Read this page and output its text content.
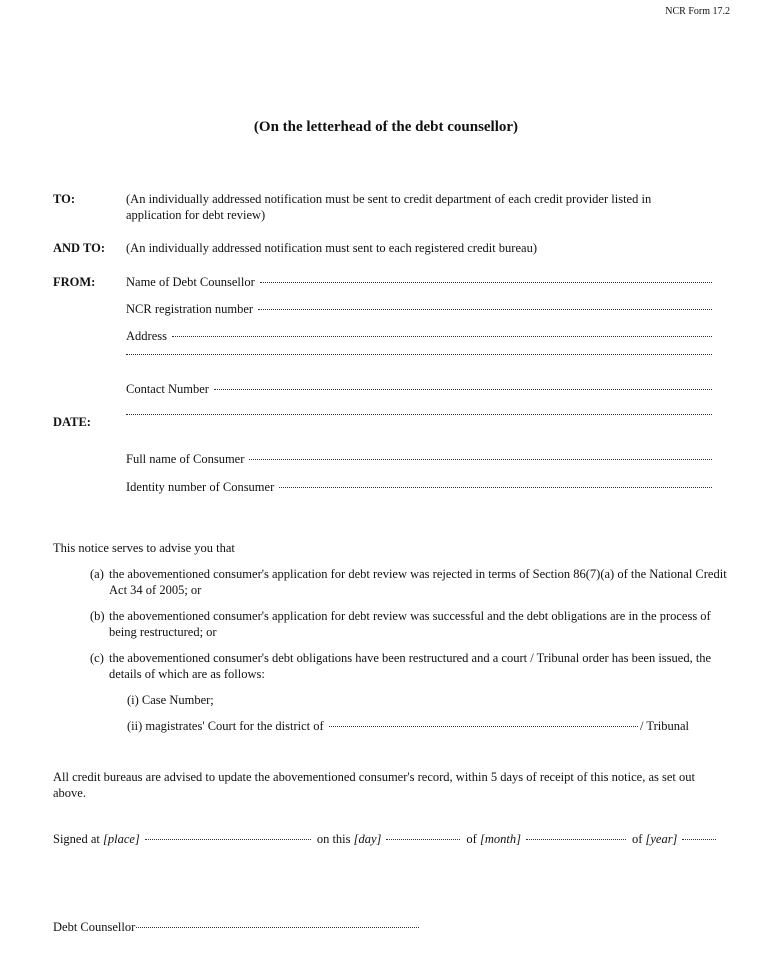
NCR Form 17.2
(On the letterhead of the debt counsellor)
TO:	(An individually addressed notification must be sent to credit department of each credit provider listed in application for debt review)
AND TO: (An individually addressed notification must sent to each registered credit bureau)
FROM: Name of Debt Counsellor
NCR registration number
Address
Contact Number
DATE:
Full name of Consumer
Identity number of Consumer
This notice serves to advise you that
(a) the abovementioned consumer's application for debt review was rejected in terms of Section 86(7)(a) of the National Credit Act 34 of 2005; or
(b) the abovementioned consumer's application for debt review was successful and the debt obligations are in the process of being restructured; or
(c) the abovementioned consumer's debt obligations have been restructured and a court / Tribunal order has been issued, the details of which are as follows:
(i) Case Number;
(ii) magistrates' Court for the district of	/ Tribunal
All credit bureaus are advised to update the abovementioned consumer's record, within 5 days of receipt of this notice, as set out above.
Signed at
[place]	on this
[day]	of
[month]	of
[year]
Debt Counsellor
